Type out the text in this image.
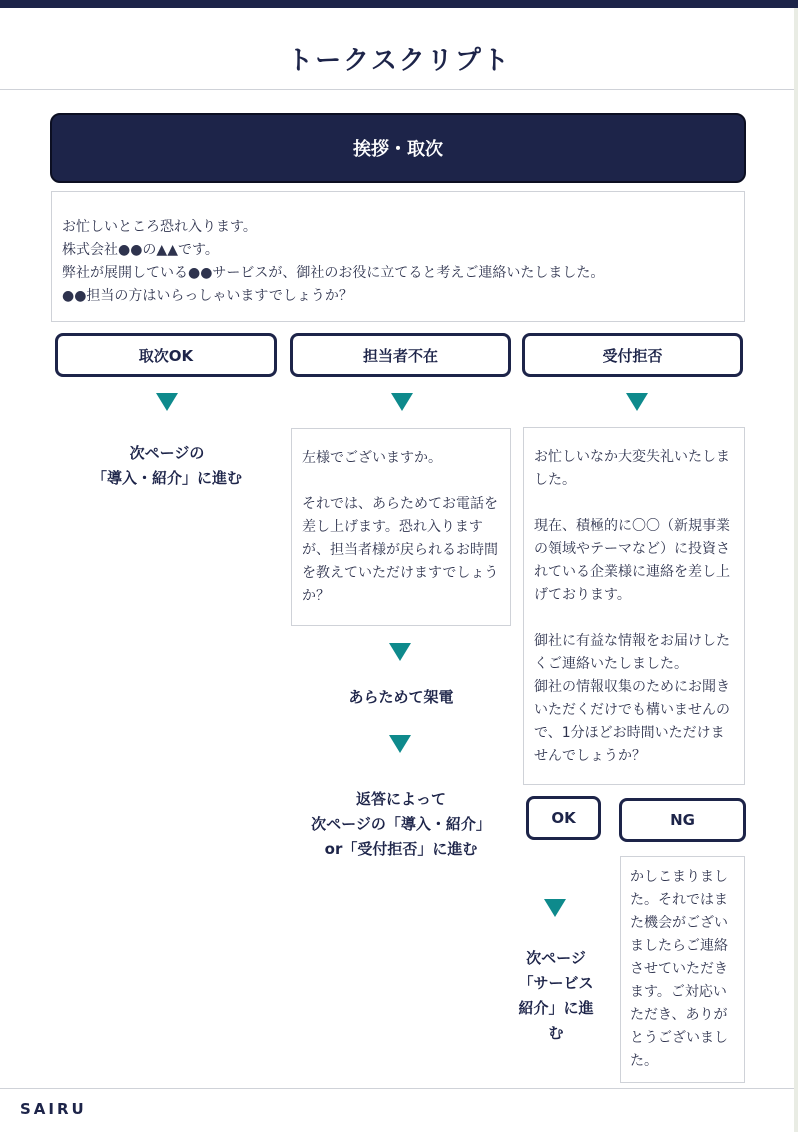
トークスクリプト
挨拶・取次
お忙しいところ恐れ入ります。
株式会社●●の▲▲です。
弊社が展開している●●サービスが、御社のお役に立てると考えご連絡いたしました。
●●担当の方はいらっしゃいますでしょうか？
取次OK	担当者不在	受付拒否
次ページの
「導入・紹介」に進む
左様でございますか。

それでは、あらためてお電話を差し上げます。恐れ入りますが、担当者様が戻られるお時間を教えていただけますでしょうか？
あらためて架電
返答によって
次ページの「導入・紹介」
or「受付拒否」に進む
お忙しいなか大変失礼いたしました。

現在、積極的に〇〇（新規事業の領域やテーマなど）に投資されている企業様に連絡を差し上げております。

御社に有益な情報をお届けしたくご連絡いたしました。
御社の情報収集のためにお聞きいただくだけでも構いませんので、1分ほどお時間いただけませんでしょうか？
OK	NG
次ページ
「サービス
紹介」に進
む
かしこまりました。それではまた機会がございましたらご連絡させていただきます。ご対応いただき、ありがとうございました。
SAIRU
